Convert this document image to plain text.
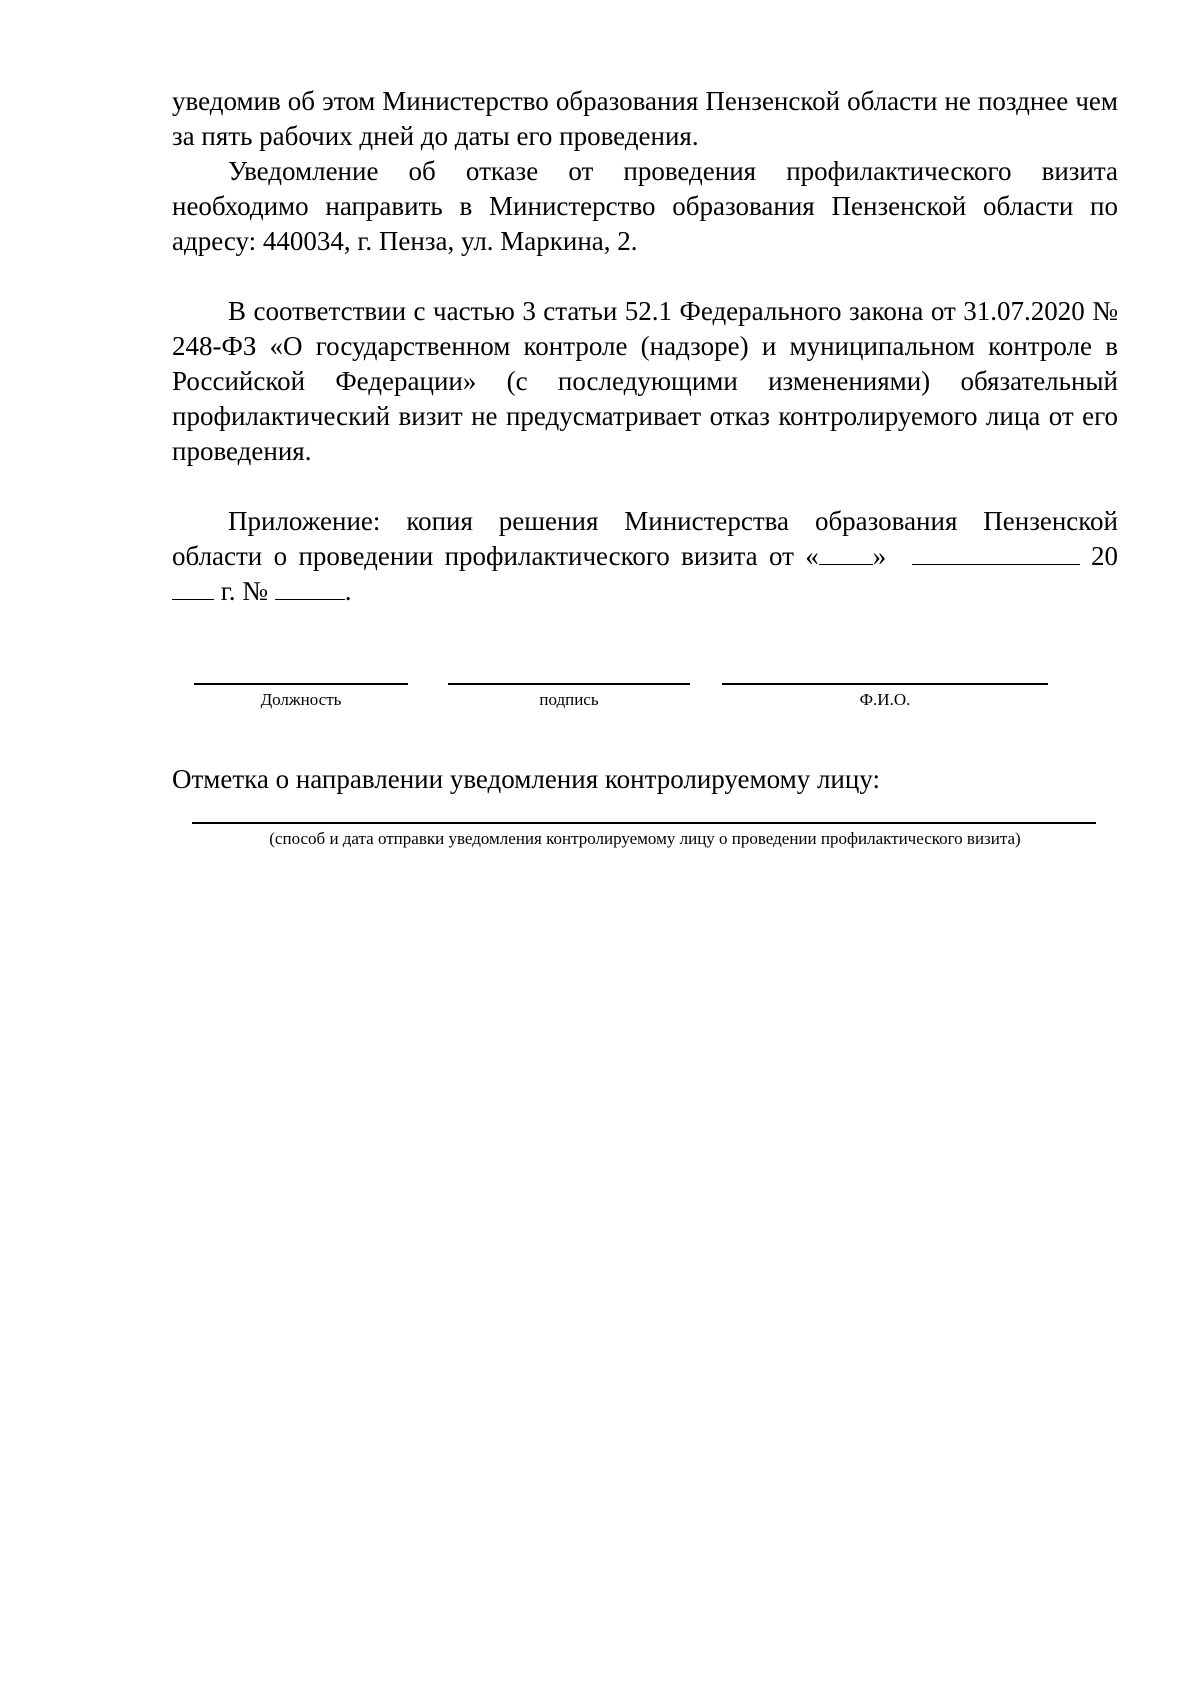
уведомив об этом Министерство образования Пензенской области не позднее чем за пять рабочих дней до даты его проведения.

Уведомление об отказе от проведения профилактического визита необходимо направить в Министерство образования Пензенской области по адресу: 440034, г. Пенза, ул. Маркина, 2.

В соответствии с частью 3 статьи 52.1 Федерального закона от 31.07.2020 № 248-ФЗ «О государственном контроле (надзоре) и муниципальном контроле в Российской Федерации» (с последующими изменениями) обязательный профилактический визит не предусматривает отказ контролируемого лица от его проведения.

Приложение: копия решения Министерства образования Пензенской области о проведении профилактического визита от « »	20 г. №	.

Должность	подпись	Ф.И.О.

Отметка о направлении уведомления контролируемому лицу:

(способ и дата отправки уведомления контролируемому лицу о проведении профилактического визита)
